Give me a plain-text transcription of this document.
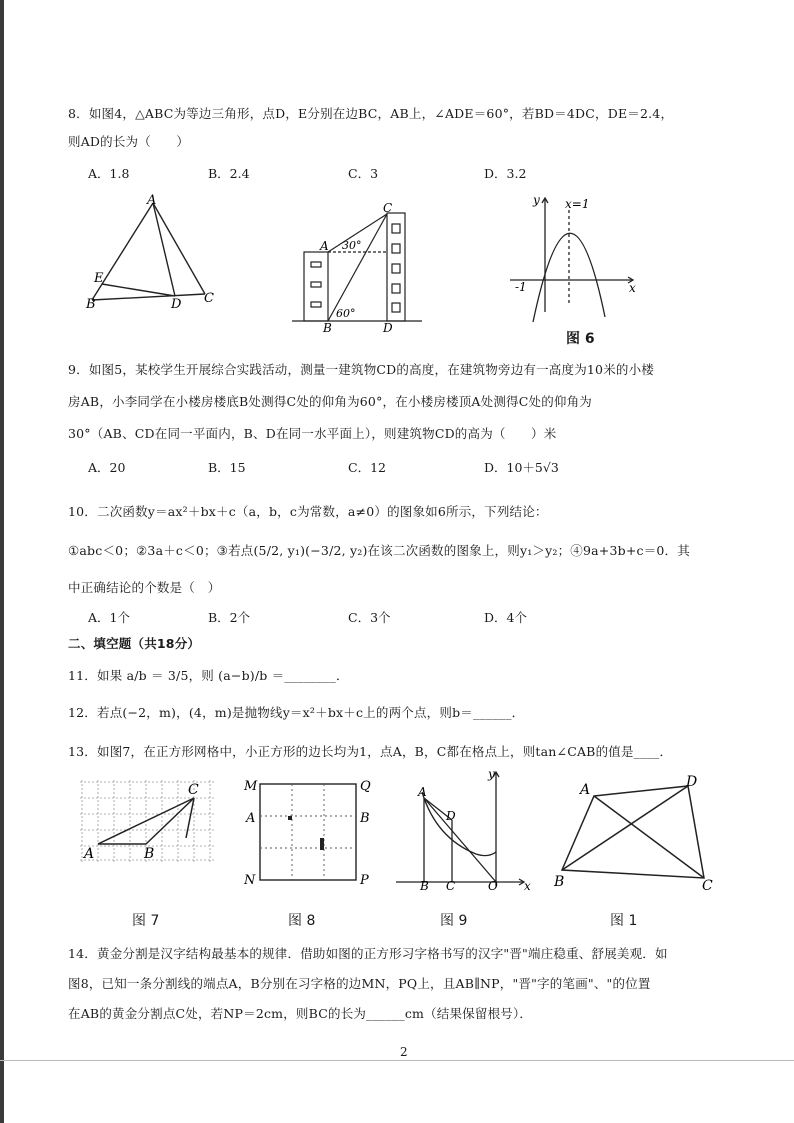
8．如图4，△ABC为等边三角形，点D，E分别在边BC，AB上，∠ADE＝60°，若BD＝4DC，DE＝2.4，
则AD的长为（　　）
A．1.8	B．2.4	C．3	D．3.2
A
E
B	D C
A
B
C
D
30°
60°
y x=1
-1	x
图 6
9．如图5，某校学生开展综合实践活动，测量一建筑物CD的高度，在建筑物旁边有一高度为10米的小楼
房AB，小李同学在小楼房楼底B处测得C处的仰角为60°，在小楼房楼顶A处测得C处的仰角为
30°（AB、CD在同一平面内，B、D在同一水平面上），则建筑物CD的高为（　　）米
A．20	B．15	C．12	D．10＋5√3
10．二次函数y＝ax²＋bx＋c（a，b，c为常数，a≠0）的图象如6所示，下列结论：
①abc＜0；②3a＋c＜0；③若点(5/2, y₁)(−3/2, y₂)在该二次函数的图象上，则y₁＞y₂；④9a+3b+c＝0．其
中正确结论的个数是（　）
A．1个	B．2个	C．3个	D．4个
二、填空题（共18分）
11．如果 a/b ＝ 3/5，则 (a−b)/b ＝________．
12．若点(−2，m)，(4，m)是抛物线y＝x²＋bx＋c上的两个点，则b＝______．
13．如图7，在正方形网格中，小正方形的边长均为1，点A，B，C都在格点上，则tan∠CAB的值是____．
A	B
C	M	Q
A	B
N	P
y
A
D
B C	O x
A	D
B	C
图 7	图 8	图 9	图 1
14．黄金分割是汉字结构最基本的规律．借助如图的正方形习字格书写的汉字"晋"端庄稳重、舒展美观．如
图8，已知一条分割线的端点A，B分别在习字格的边MN，PQ上，且AB∥NP，"晋"字的笔画"、"的位置
在AB的黄金分割点C处，若NP＝2cm，则BC的长为______cm（结果保留根号）．
2
